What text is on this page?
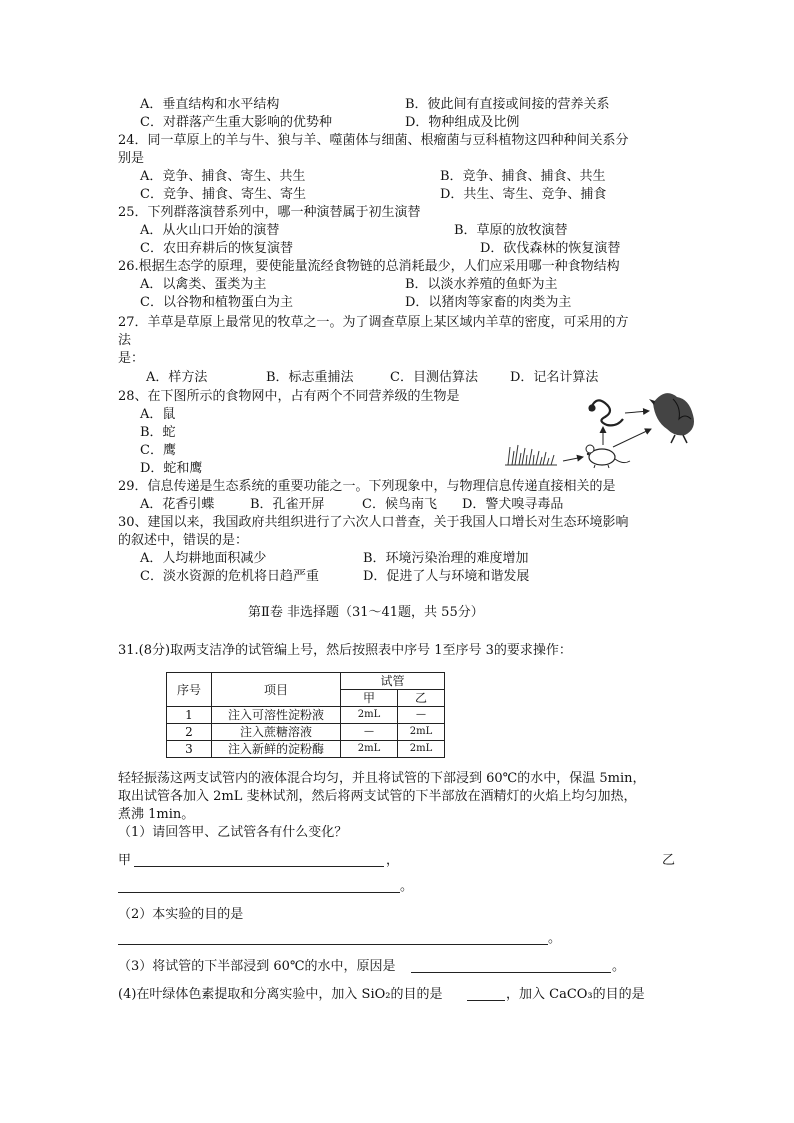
A．垂直结构和水平结构	B．彼此间有直接或间接的营养关系
C．对群落产生重大影响的优势种	D．物种组成及比例
24．同一草原上的羊与牛、狼与羊、噬菌体与细菌、根瘤菌与豆科植物这四种种间关系分
别是
A．竞争、捕食、寄生、共生	B．竞争、捕食、捕食、共生
C．竞争、捕食、寄生、寄生	D．共生、寄生、竞争、捕食
25．下列群落演替系列中，哪一种演替属于初生演替
A．从火山口开始的演替	B．草原的放牧演替
C．农田弃耕后的恢复演替	D．砍伐森林的恢复演替
26.根据生态学的原理，要使能量流经食物链的总消耗最少，人们应采用哪一种食物结构
A．以禽类、蛋类为主	B．以淡水养殖的鱼虾为主
C．以谷物和植物蛋白为主	D．以猪肉等家畜的肉类为主
27．羊草是草原上最常见的牧草之一。为了调查草原上某区域内羊草的密度，可采用的方
法
是：
A．样方法	B．标志重捕法	C．目测估算法 D．记名计算法
28、在下图所示的食物网中，占有两个不同营养级的生物是
A．鼠
B．蛇
C．鹰
D．蛇和鹰
29．信息传递是生态系统的重要功能之一。下列现象中，与物理信息传递直接相关的是
A．花香引蝶	B．孔雀开屏	C．候鸟南飞 D．警犬嗅寻毒品
30、建国以来，我国政府共组织进行了六次人口普查，关于我国人口增长对生态环境影响
的叙述中，错误的是：
A．人均耕地面积减少	B．环境污染治理的难度增加
C．淡水资源的危机将日趋严重	D．促进了人与环境和谐发展
第Ⅱ卷 非选择题（31～41题，共 55分）
31.(8分)取两支洁净的试管编上号，然后按照表中序号 1至序号 3的要求操作：
序号	项目	试管	
		甲	乙
1	注入可溶性淀粉液	2mL	—
2	注入蔗糖溶液	—	2mL
3	注入新鲜的淀粉酶	2mL	2mL
轻轻振荡这两支试管内的液体混合均匀，并且将试管的下部浸到 60℃的水中，保温 5min，
取出试管各加入 2mL 斐林试剂，然后将两支试管的下半部放在酒精灯的火焰上均匀加热，
煮沸 1min。
（1）请回答甲、乙试管各有什么变化？
甲	，	乙
。
（2）本实验的目的是
。
（3）将试管的下半部浸到 60℃的水中，原因是	。
(4)在叶绿体色素提取和分离实验中，加入 SiO₂的目的是	，加入 CaCO₃的目的是
